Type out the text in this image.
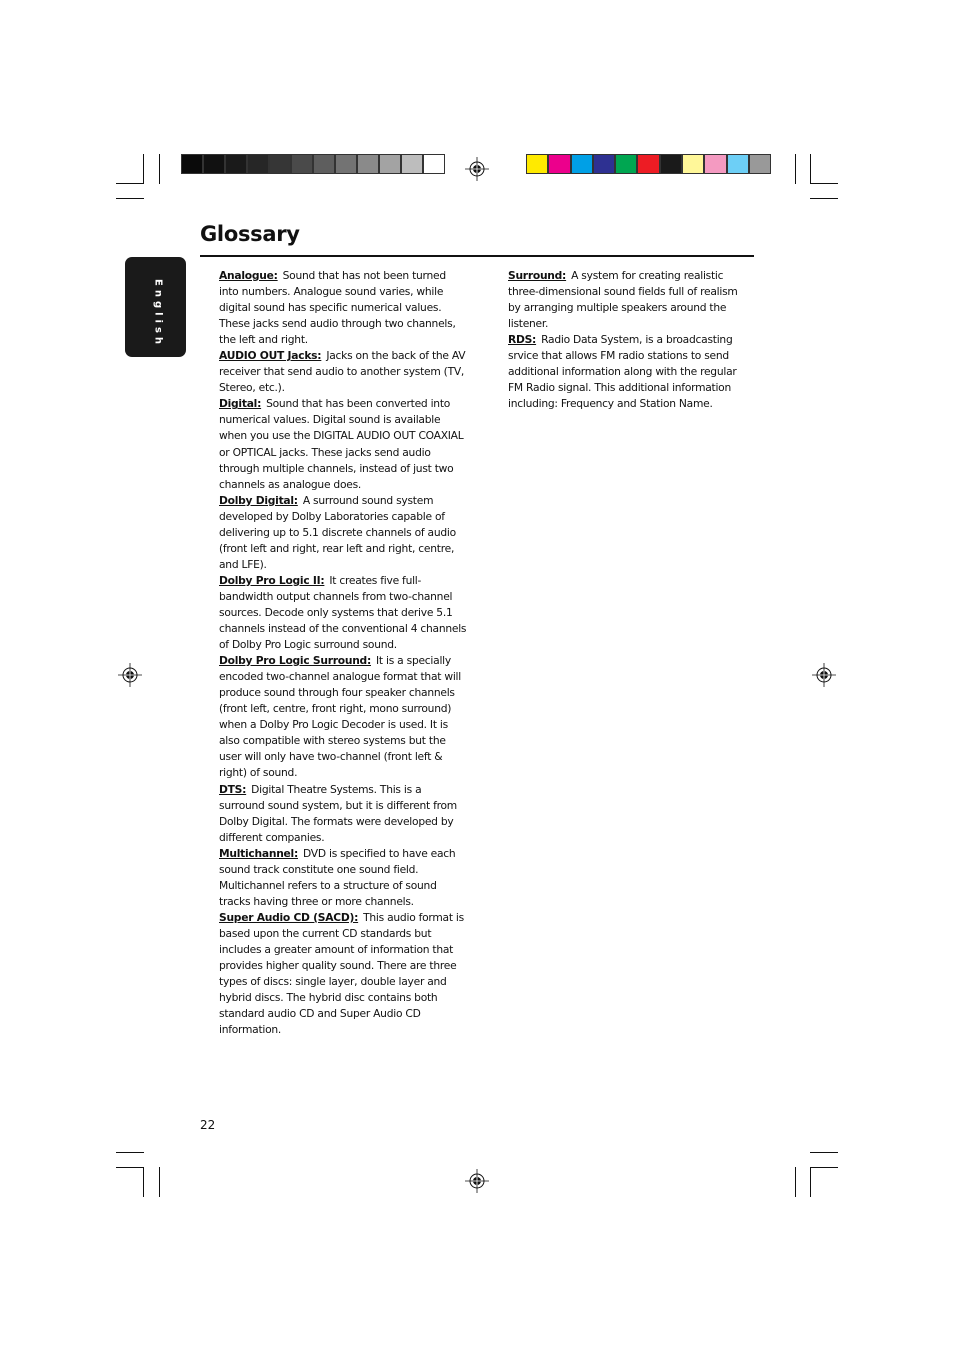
English
Glossary

Analogue: Sound that has not been turned into numbers. Analogue sound varies, while digital sound has specific numerical values. These jacks send audio through two channels, the left and right.

AUDIO OUT Jacks: Jacks on the back of the AV receiver that send audio to another system (TV, Stereo, etc.).

Digital: Sound that has been converted into numerical values. Digital sound is available when you use the DIGITAL AUDIO OUT COAXIAL or OPTICAL jacks. These jacks send audio through multiple channels, instead of just two channels as analogue does.

Dolby Digital: A surround sound system developed by Dolby Laboratories capable of delivering up to 5.1 discrete channels of audio (front left and right, rear left and right, centre, and LFE).

Dolby Pro Logic II: It creates five full-bandwidth output channels from two-channel sources. Decode only systems that derive 5.1 channels instead of the conventional 4 channels of Dolby Pro Logic surround sound.

Dolby Pro Logic Surround: It is a specially encoded two-channel analogue format that will produce sound through four speaker channels (front left, centre, front right, mono surround) when a Dolby Pro Logic Decoder is used. It is also compatible with stereo systems but the user will only have two-channel (front left & right) of sound.

DTS: Digital Theatre Systems. This is a surround sound system, but it is different from Dolby Digital. The formats were developed by different companies.

Multichannel: DVD is specified to have each sound track constitute one sound field. Multichannel refers to a structure of sound tracks having three or more channels.

Super Audio CD (SACD): This audio format is based upon the current CD standards but includes a greater amount of information that provides higher quality sound. There are three types of discs: single layer, double layer and hybrid discs. The hybrid disc contains both standard audio CD and Super Audio CD information.

Surround: A system for creating realistic three-dimensional sound fields full of realism by arranging multiple speakers around the listener.

RDS: Radio Data System, is a broadcasting srvice that allows FM radio stations to send additional information along with the regular FM Radio signal. This additional information including: Frequency and Station Name.

22
